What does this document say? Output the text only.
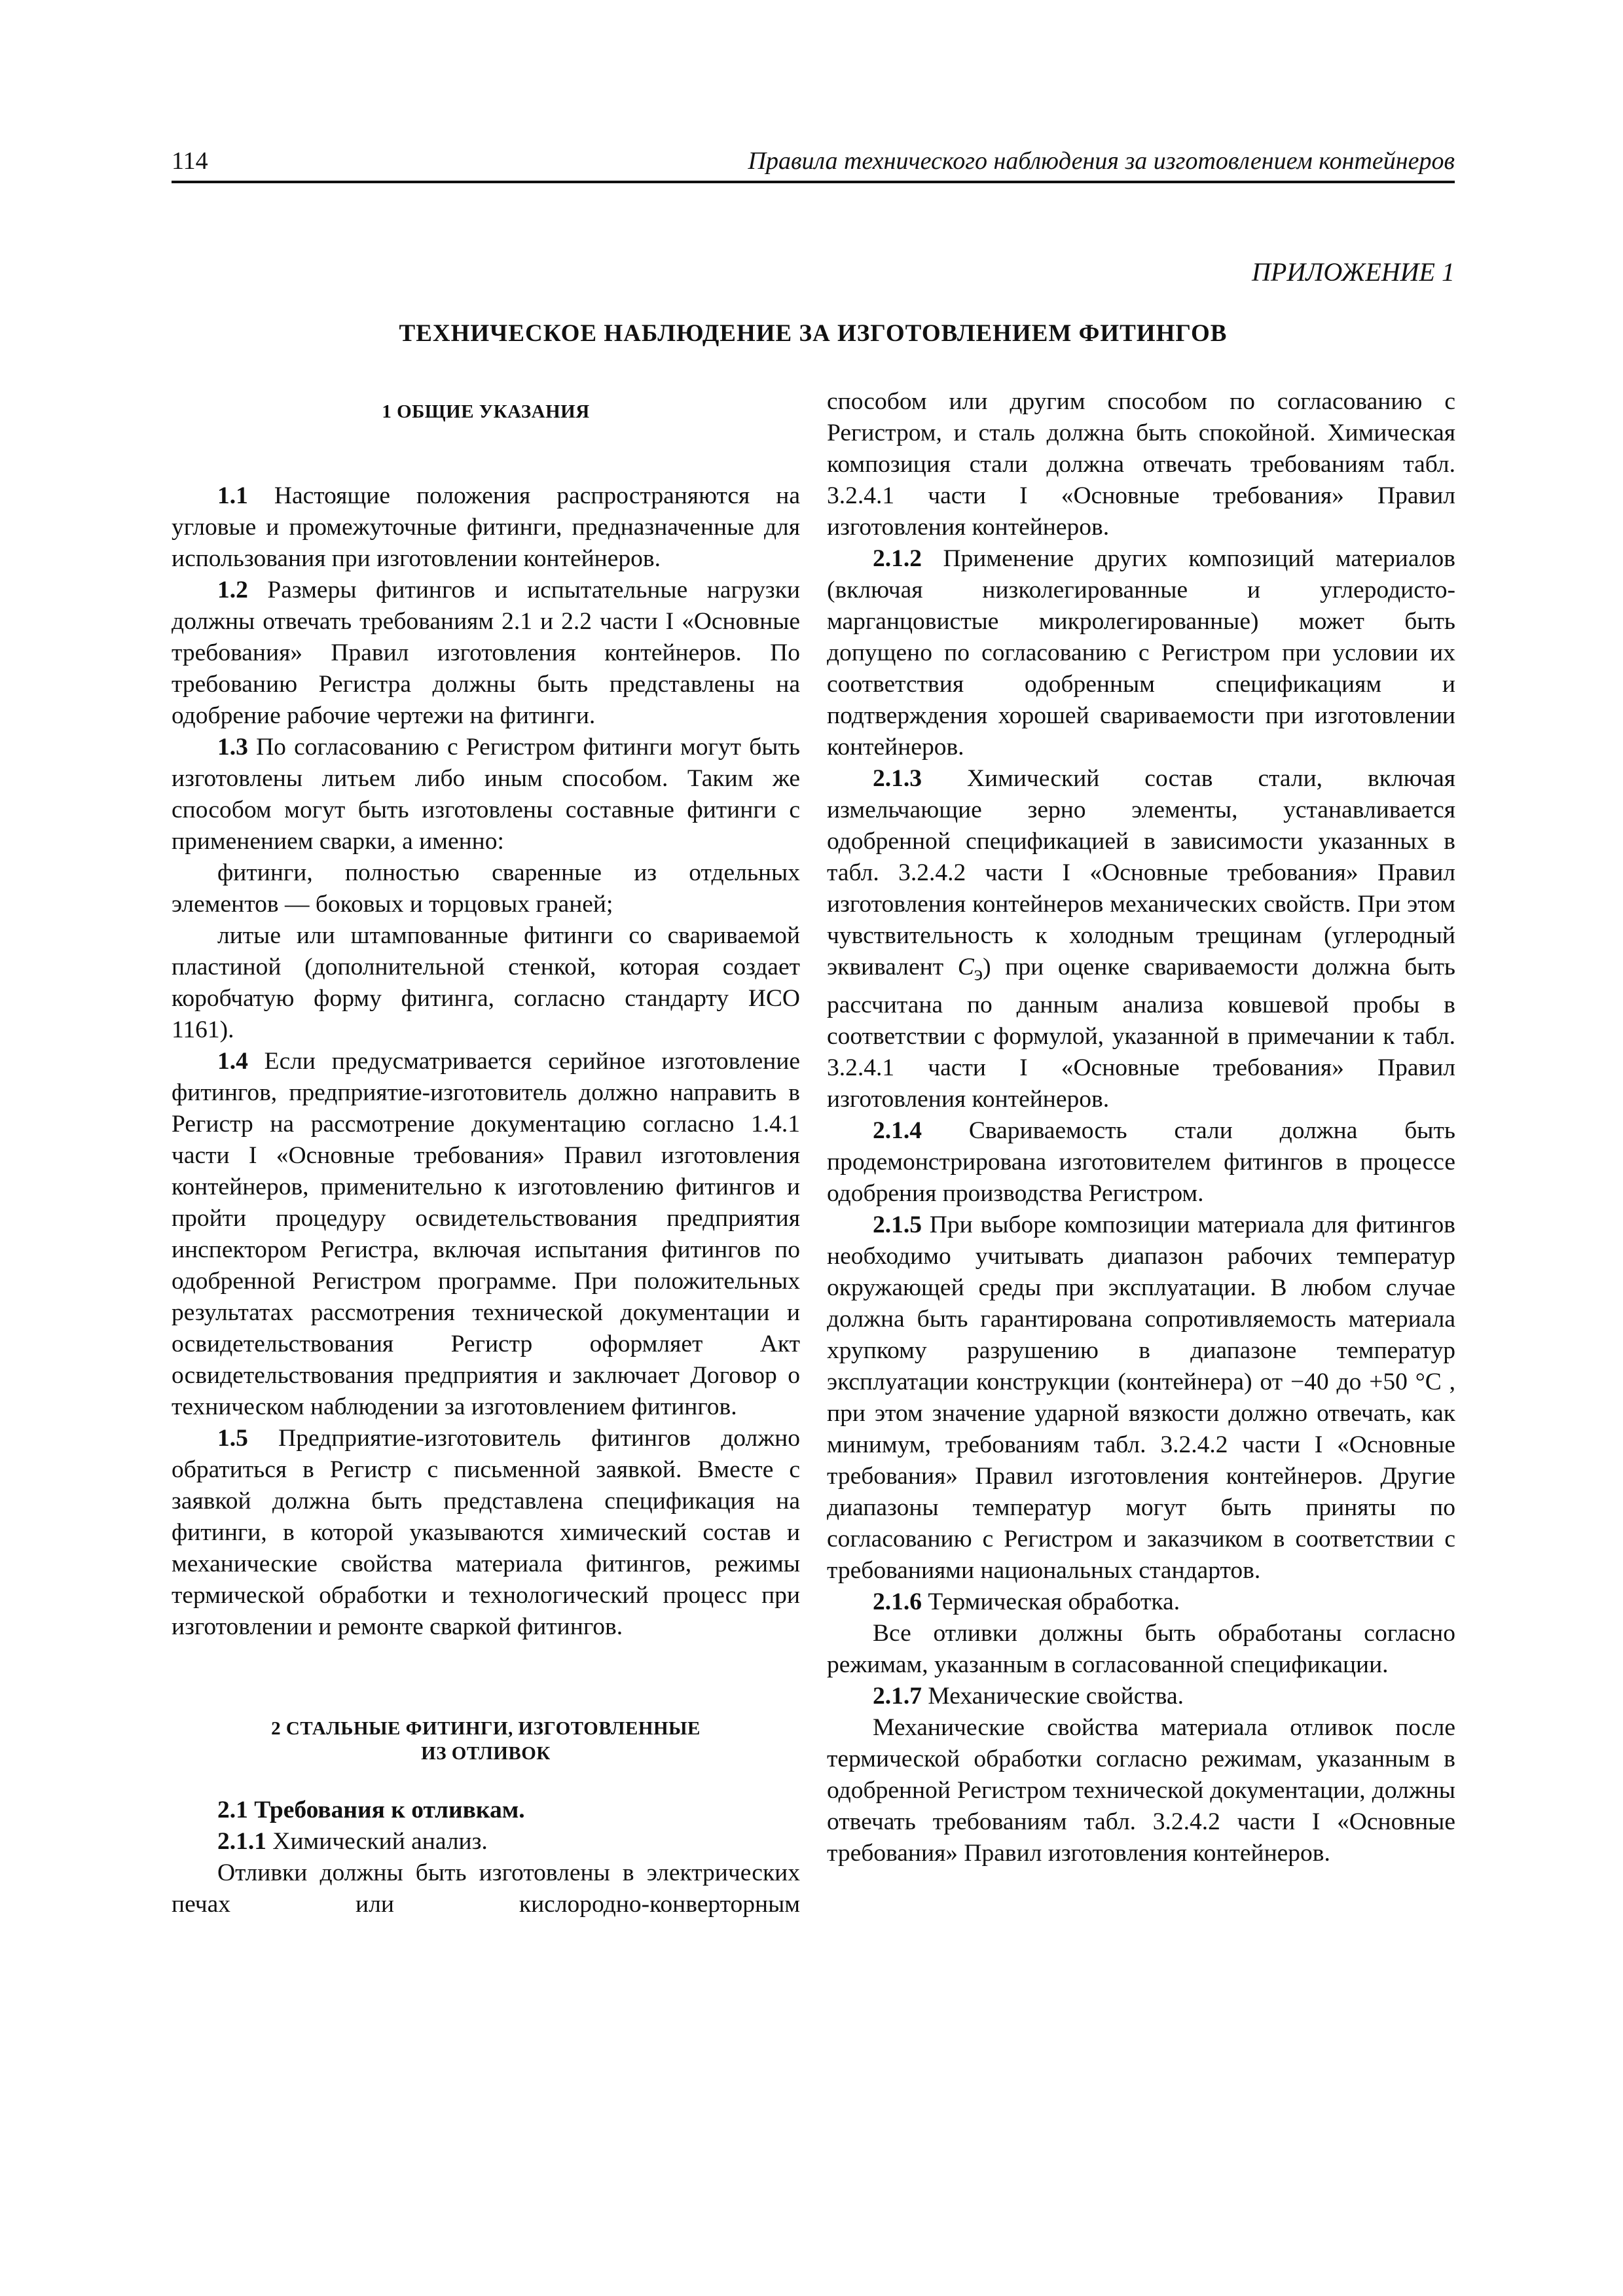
114	Правила технического наблюдения за изготовлением контейнеров
ПРИЛОЖЕНИЕ 1
ТЕХНИЧЕСКОЕ НАБЛЮДЕНИЕ ЗА ИЗГОТОВЛЕНИЕМ ФИТИНГОВ
1 ОБЩИЕ УКАЗАНИЯ

1.1 Настоящие положения распространяются на угловые и промежуточные фитинги, предназначенные для использования при изготовлении контейнеров.

1.2 Размеры фитингов и испытательные нагрузки должны отвечать требованиям 2.1 и 2.2 части I «Основные требования» Правил изготовления контейнеров. По требованию Регистра должны быть представлены на одобрение рабочие чертежи на фитинги.

1.3 По согласованию с Регистром фитинги могут быть изготовлены литьем либо иным способом. Таким же способом могут быть изготовлены составные фитинги с применением сварки, а именно:

фитинги, полностью сваренные из отдельных элементов — боковых и торцовых граней;

литые или штампованные фитинги со свариваемой пластиной (дополнительной стенкой, которая создает коробчатую форму фитинга, согласно стандарту ИСО 1161).

1.4 Если предусматривается серийное изготовление фитингов, предприятие-изготовитель должно направить в Регистр на рассмотрение документацию согласно 1.4.1 части I «Основные требования» Правил изготовления контейнеров, применительно к изготовлению фитингов и пройти процедуру освидетельствования предприятия инспектором Регистра, включая испытания фитингов по одобренной Регистром программе. При положительных результатах рассмотрения технической документации и освидетельствования Регистр оформляет Акт освидетельствования предприятия и заключает Договор о техническом наблюдении за изготовлением фитингов.

1.5 Предприятие-изготовитель фитингов должно обратиться в Регистр с письменной заявкой. Вместе с заявкой должна быть представлена спецификация на фитинги, в которой указываются химический состав и механические свойства материала фитингов, режимы термической обработки и технологический процесс при изготовлении и ремонте сваркой фитингов.

2 СТАЛЬНЫЕ ФИТИНГИ, ИЗГОТОВЛЕННЫЕ
ИЗ ОТЛИВОК

2.1 Требования к отливкам.

2.1.1 Химический анализ.

Отливки должны быть изготовлены в электрических печах или кислородно-конверторным

способом или другим способом по согласованию с Регистром, и сталь должна быть спокойной. Химическая композиция стали должна отвечать требованиям табл. 3.2.4.1 части I «Основные требования» Правил изготовления контейнеров.

2.1.2 Применение других композиций материалов (включая низколегированные и углеродисто-марганцовистые микролегированные) может быть допущено по согласованию с Регистром при условии их соответствия одобренным спецификациям и подтверждения хорошей свариваемости при изготовлении контейнеров.

2.1.3 Химический состав стали, включая измельчающие зерно элементы, устанавливается одобренной спецификацией в зависимости указанных в табл. 3.2.4.2 части I «Основные требования» Правил изготовления контейнеров механических свойств. При этом чувствительность к холодным трещинам (углеродный эквивалент $C_э$) при оценке свариваемости должна быть рассчитана по данным анализа ковшевой пробы в соответствии с формулой, указанной в примечании к табл. 3.2.4.1 части I «Основные требования» Правил изготовления контейнеров.

2.1.4 Свариваемость стали должна быть продемонстрирована изготовителем фитингов в процессе одобрения производства Регистром.

2.1.5 При выборе композиции материала для фитингов необходимо учитывать диапазон рабочих температур окружающей среды при эксплуатации. В любом случае должна быть гарантирована сопротивляемость материала хрупкому разрушению в диапазоне температур эксплуатации конструкции (контейнера) от −40 до +50 °С , при этом значение ударной вязкости должно отвечать, как минимум, требованиям табл. 3.2.4.2 части I «Основные требования» Правил изготовления контейнеров. Другие диапазоны температур могут быть приняты по согласованию с Регистром и заказчиком в соответствии с требованиями национальных стандартов.

2.1.6 Термическая обработка.

Все отливки должны быть обработаны согласно режимам, указанным в согласованной спецификации.

2.1.7 Механические свойства.

Механические свойства материала отливок после термической обработки согласно режимам, указанным в одобренной Регистром технической документации, должны отвечать требованиям табл. 3.2.4.2 части I «Основные требования» Правил изготовления контейнеров.
